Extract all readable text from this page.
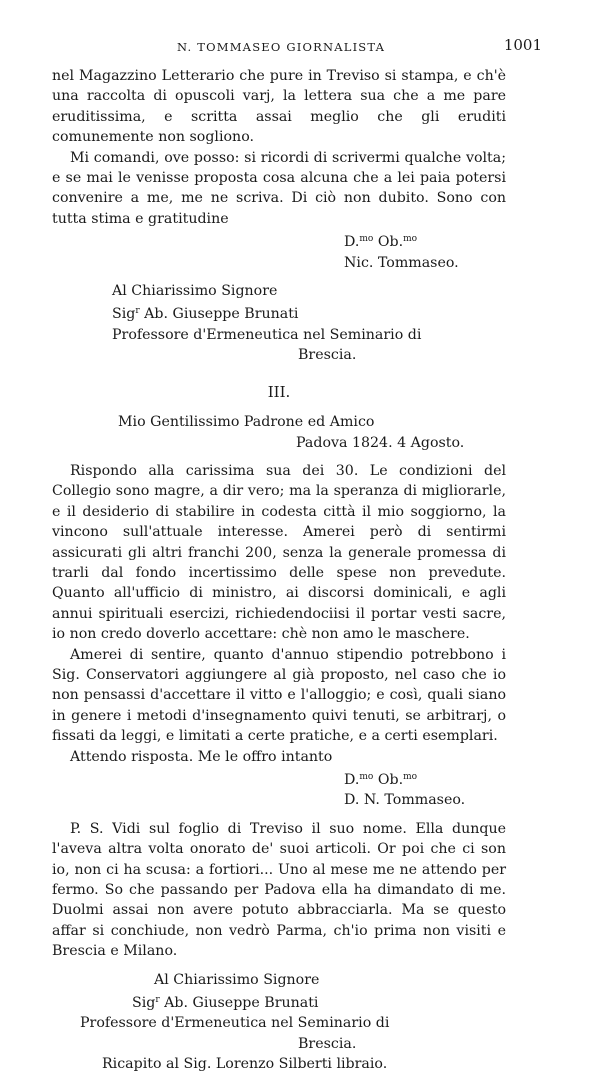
N. TOMMASEO GIORNALISTA	1001

nel Magazzino Letterario che pure in Treviso si stampa, e ch'è una raccolta di opuscoli varj, la lettera sua che a me pare eruditissima, e scritta assai meglio che gli eruditi comunemente non sogliono.

Mi comandi, ove posso: si ricordi di scrivermi qualche volta; e se mai le venisse proposta cosa alcuna che a lei paia potersi convenire a me, me ne scriva. Di ciò non dubito. Sono con tutta stima e gratitudine

D.$^{mo}$ Ob.$^{mo}$
Nic. Tommaseo.
Al Chiarissimo Signore
Sig$^r$ Ab. Giuseppe Brunati
Professore d'Ermeneutica nel Seminario di
Brescia.
III.
Mio Gentilissimo Padrone ed Amico
Padova 1824. 4 Agosto.

Rispondo alla carissima sua dei 30. Le condizioni del Collegio sono magre, a dir vero; ma la speranza di migliorarle, e il desiderio di stabilire in codesta città il mio soggiorno, la vincono sull'attuale interesse. Amerei però di sentirmi assicurati gli altri franchi 200, senza la generale promessa di trarli dal fondo incertissimo delle spese non prevedute. Quanto all'ufficio di ministro, ai discorsi dominicali, e agli annui spirituali esercizi, richiedendociisi il portar vesti sacre, io non credo doverlo accettare: chè non amo le maschere.

Amerei di sentire, quanto d'annuo stipendio potrebbono i Sig. Conservatori aggiungere al già proposto, nel caso che io non pensassi d'accettare il vitto e l'alloggio; e così, quali siano in genere i metodi d'insegnamento quivi tenuti, se arbitrarj, o fissati da leggi, e limitati a certe pratiche, e a certi esemplari.

Attendo risposta. Me le offro intanto

D.$^{mo}$ Ob.$^{mo}$
D. N. Tommaseo.

P. S. Vidi sul foglio di Treviso il suo nome. Ella dunque l'aveva altra volta onorato de' suoi articoli. Or poi che ci son io, non ci ha scusa: a fortiori... Uno al mese me ne attendo per fermo. So che passando per Padova ella ha dimandato di me. Duolmi assai non avere potuto abbracciarla. Ma se questo affar si conchiude, non vedrò Parma, ch'io prima non visiti e Brescia e Milano.

Al Chiarissimo Signore
Sig$^r$ Ab. Giuseppe Brunati
Professore d'Ermeneutica nel Seminario di
Brescia.
Ricapito al Sig. Lorenzo Silberti libraio.
